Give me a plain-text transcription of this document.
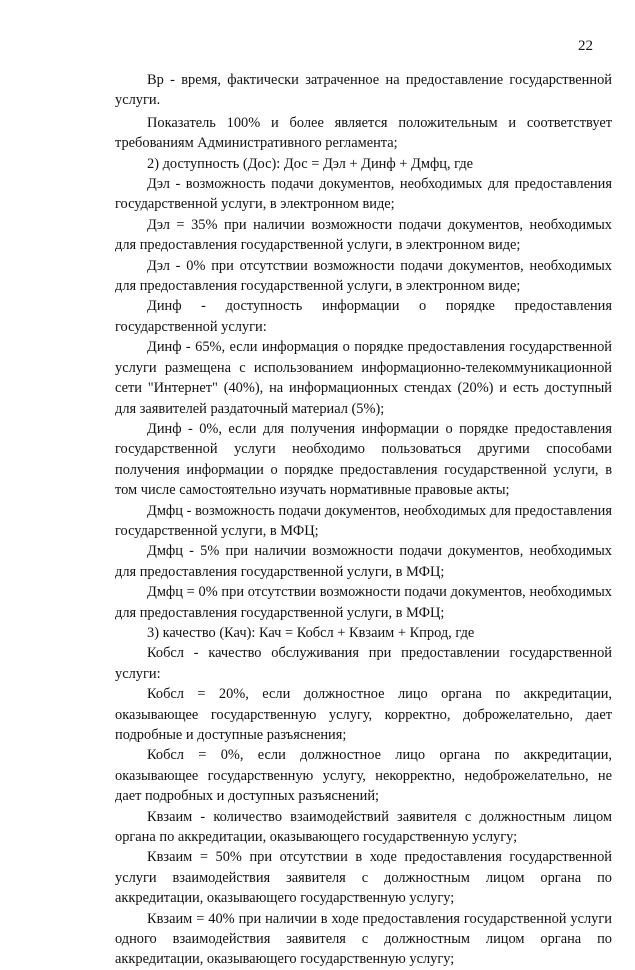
22

Вр - время, фактически затраченное на предоставление государственной услуги.

Показатель 100% и более является положительным и соответствует требованиям Административного регламента;

2) доступность (Дос): Дос = Дэл + Динф + Дмфц, где

Дэл - возможность подачи документов, необходимых для предоставления государственной услуги, в электронном виде;

Дэл = 35% при наличии возможности подачи документов, необходимых для предоставления государственной услуги, в электронном виде;

Дэл - 0% при отсутствии возможности подачи документов, необходимых для предоставления государственной услуги, в электронном виде;

Динф - доступность информации о порядке предоставления государственной услуги:

Динф - 65%, если информация о порядке предоставления государственной услуги размещена с использованием информационно-телекоммуникационной сети "Интернет" (40%), на информационных стендах (20%) и есть доступный для заявителей раздаточный материал (5%);

Динф - 0%, если для получения информации о порядке предоставления государственной услуги необходимо пользоваться другими способами получения информации о порядке предоставления государственной услуги, в том числе самостоятельно изучать нормативные правовые акты;

Дмфц - возможность подачи документов, необходимых для предоставления государственной услуги, в МФЦ;

Дмфц - 5% при наличии возможности подачи документов, необходимых для предоставления государственной услуги, в МФЦ;

Дмфц = 0% при отсутствии возможности подачи документов, необходимых для предоставления государственной услуги, в МФЦ;

3) качество (Кач): Кач = Кобсл + Квзаим + Кпрод, где

Кобсл - качество обслуживания при предоставлении государственной услуги:

Кобсл = 20%, если должностное лицо органа по аккредитации, оказывающее государственную услугу, корректно, доброжелательно, дает подробные и доступные разъяснения;

Кобсл = 0%, если должностное лицо органа по аккредитации, оказывающее государственную услугу, некорректно, недоброжелательно, не дает подробных и доступных разъяснений;

Квзаим - количество взаимодействий заявителя с должностным лицом органа по аккредитации, оказывающего государственную услугу;

Квзаим = 50% при отсутствии в ходе предоставления государственной услуги взаимодействия заявителя с должностным лицом органа по аккредитации, оказывающего государственную услугу;

Квзаим = 40% при наличии в ходе предоставления государственной услуги одного взаимодействия заявителя с должностным лицом органа по аккредитации, оказывающего государственную услугу;
